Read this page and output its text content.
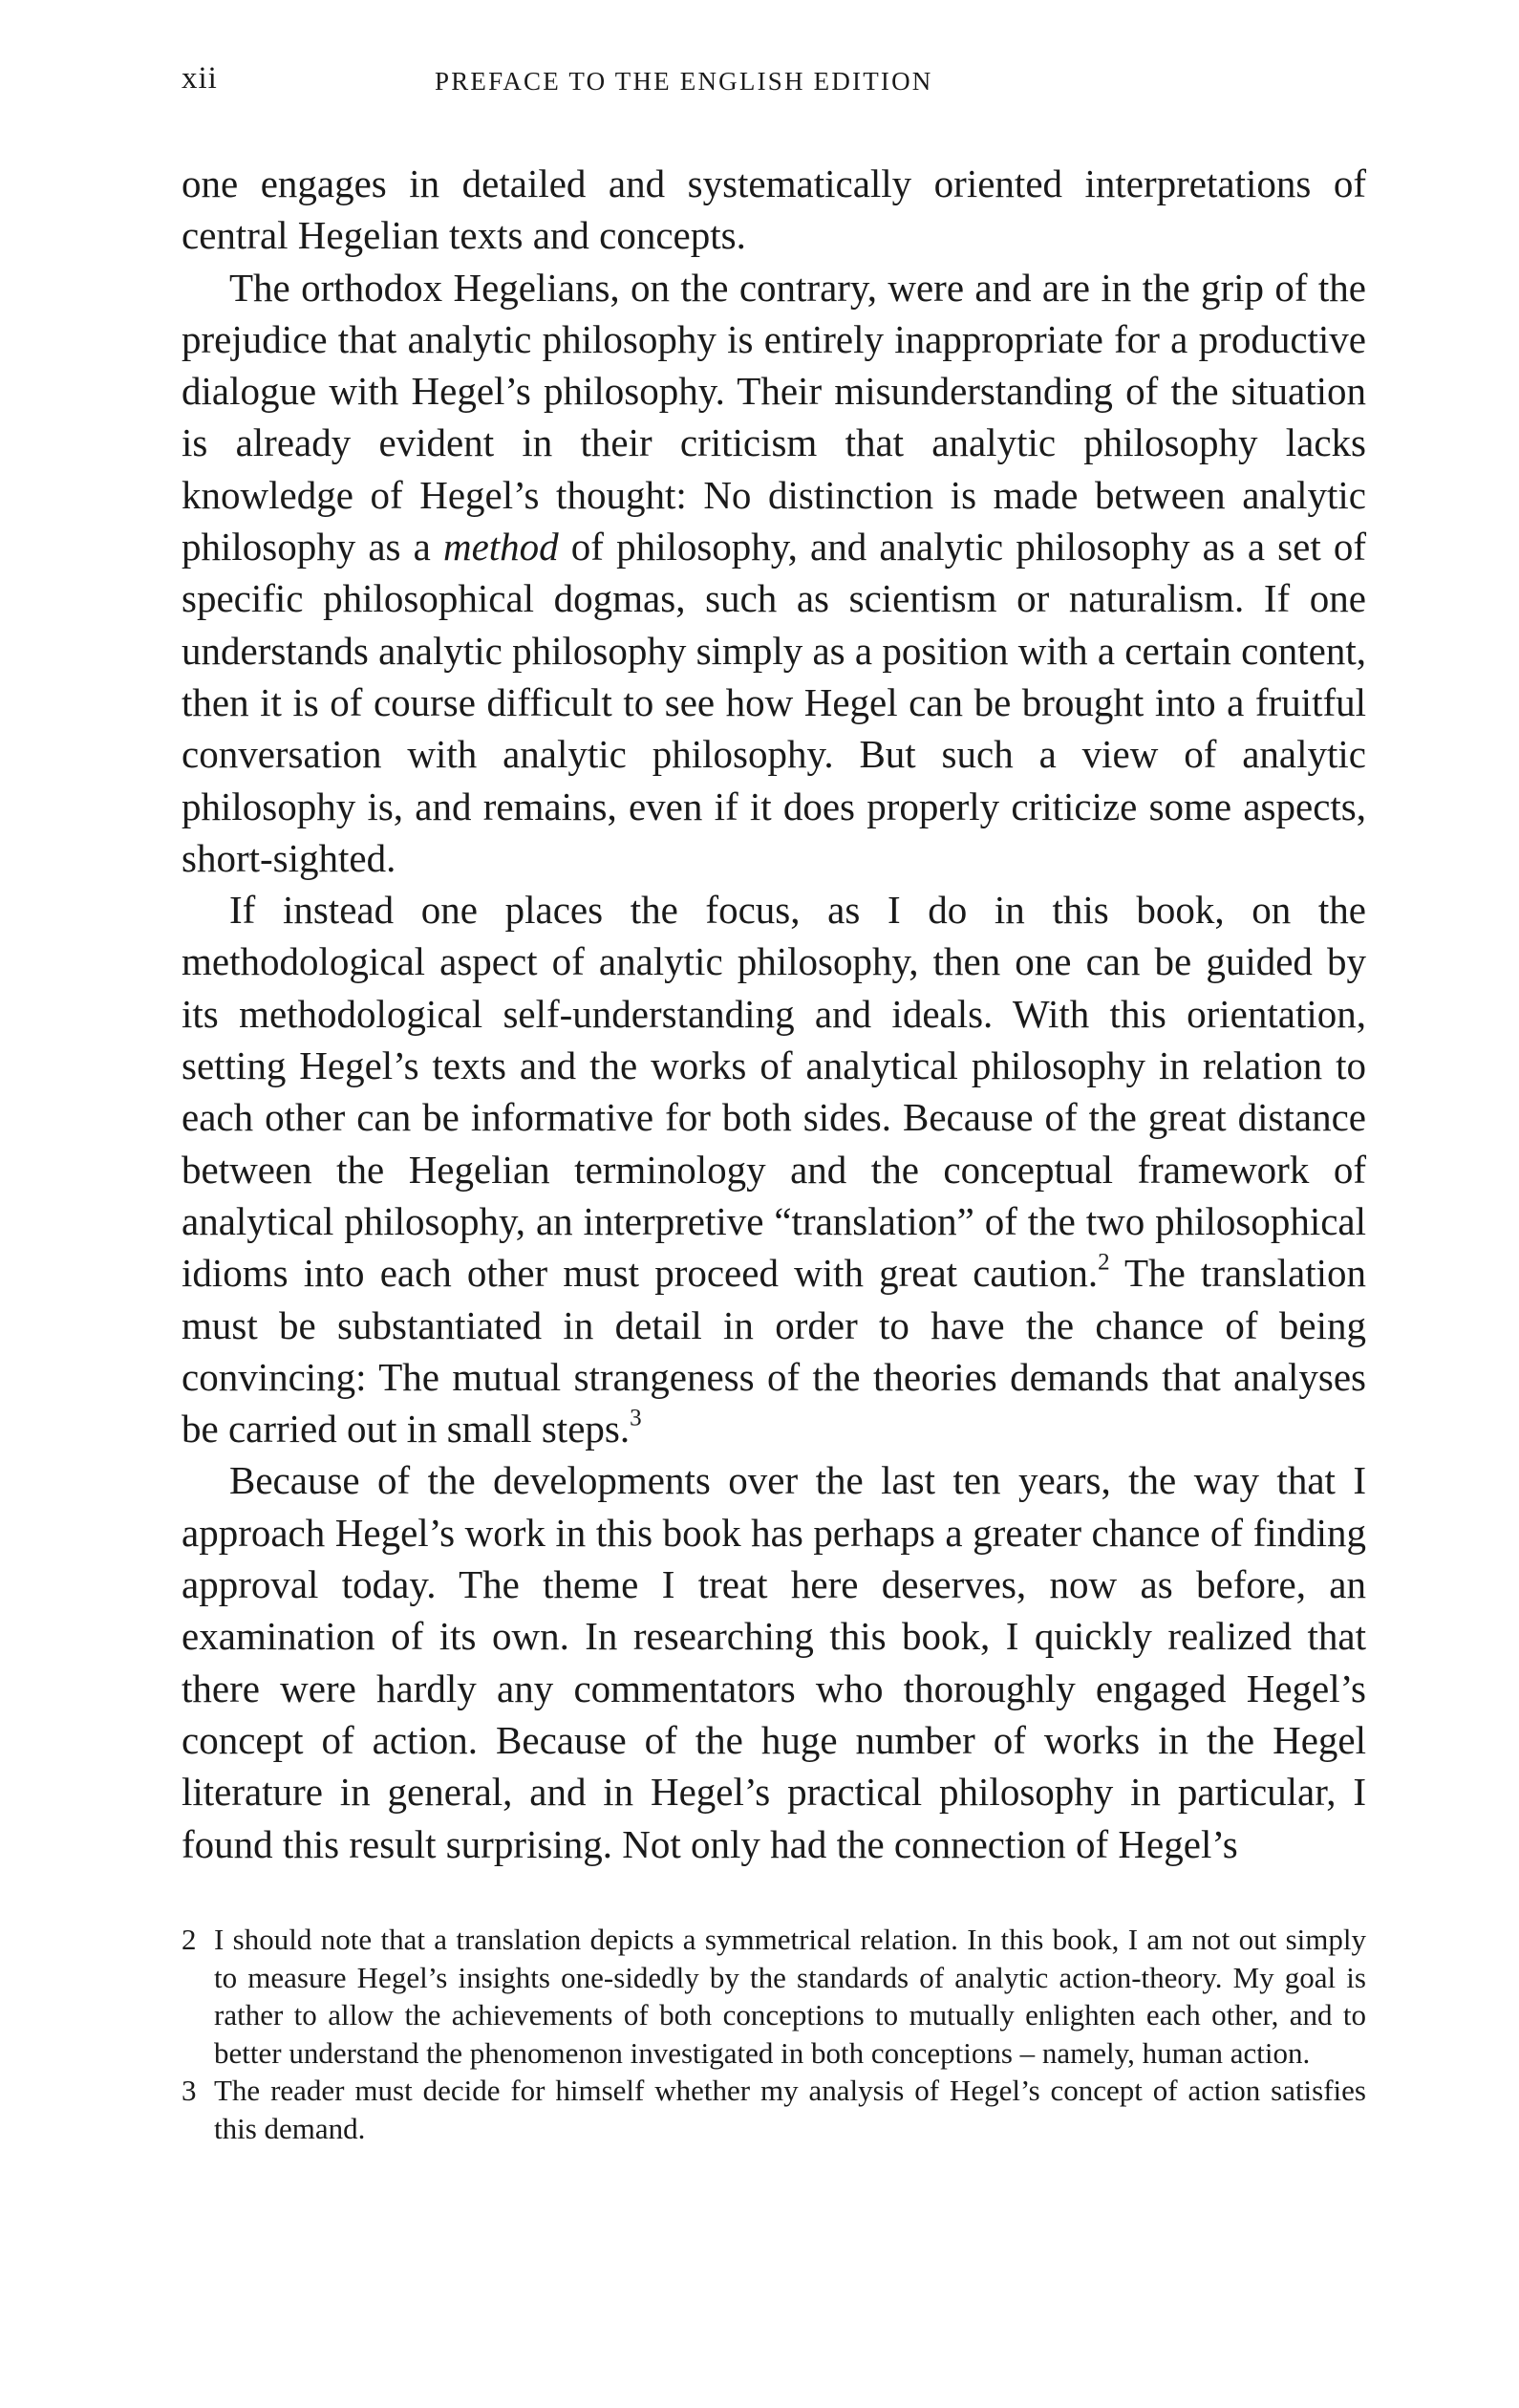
xii	PREFACE TO THE ENGLISH EDITION

one engages in detailed and systematically oriented interpretations of central Hegelian texts and concepts.

The orthodox Hegelians, on the contrary, were and are in the grip of the prejudice that analytic philosophy is entirely inappropriate for a productive dialogue with Hegel’s philosophy. Their misunderstanding of the situation is already evident in their criticism that analytic philosophy lacks knowledge of Hegel’s thought: No distinction is made between analytic philosophy as a method of philosophy, and analytic philosophy as a set of specific philosophical dogmas, such as scientism or naturalism. If one understands analytic philosophy simply as a position with a certain content, then it is of course difficult to see how Hegel can be brought into a fruitful conversation with analytic philosophy. But such a view of analytic philosophy is, and remains, even if it does properly criticize some aspects, short-sighted.

If instead one places the focus, as I do in this book, on the methodological aspect of analytic philosophy, then one can be guided by its methodological self-understanding and ideals. With this orientation, setting Hegel’s texts and the works of analytical philosophy in relation to each other can be informative for both sides. Because of the great distance between the Hegelian terminology and the conceptual framework of analytical philosophy, an interpretive “translation” of the two philosophical idioms into each other must proceed with great caution.$^2$ The translation must be substantiated in detail in order to have the chance of being convincing: The mutual strangeness of the theories demands that analyses be carried out in small steps.$^3$

Because of the developments over the last ten years, the way that I approach Hegel’s work in this book has perhaps a greater chance of finding approval today. The theme I treat here deserves, now as before, an examination of its own. In researching this book, I quickly realized that there were hardly any commentators who thoroughly engaged Hegel’s concept of action. Because of the huge number of works in the Hegel literature in general, and in Hegel’s practical philosophy in particular, I found this result surprising. Not only had the connection of Hegel’s

2 I should note that a translation depicts a symmetrical relation. In this book, I am not out simply to measure Hegel’s insights one-sidedly by the standards of analytic action-theory. My goal is rather to allow the achievements of both conceptions to mutually enlighten each other, and to better understand the phenomenon investigated in both conceptions – namely, human action.
3 The reader must decide for himself whether my analysis of Hegel’s concept of action satisfies this demand.
